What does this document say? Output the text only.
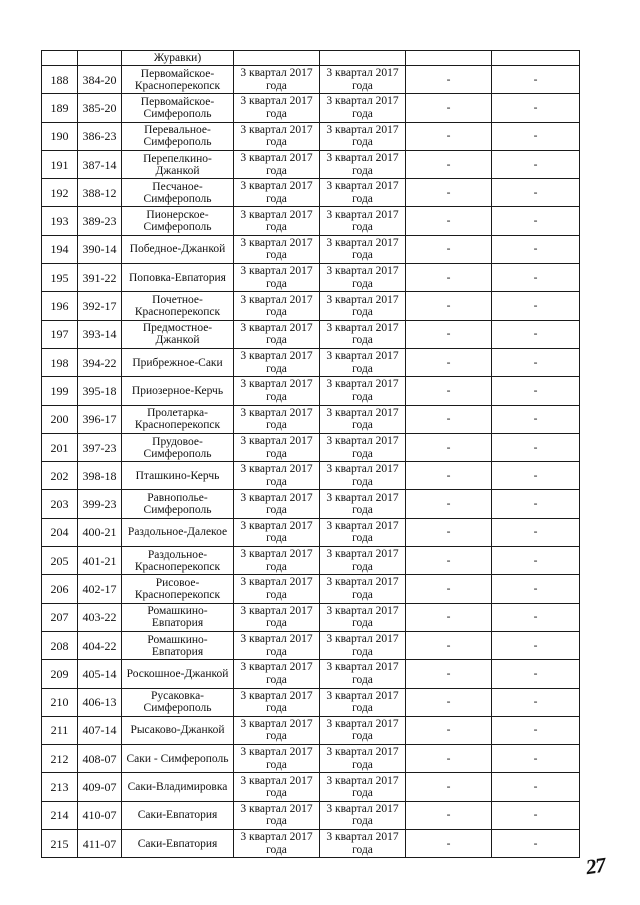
		Журавки)				
188	384-20	Первомайское-Красноперекопск	3 квартал 2017 года	3 квартал 2017 года	-	-
189	385-20	Первомайское-Симферополь	3 квартал 2017 года	3 квартал 2017 года	-	-
190	386-23	Перевальное-Симферополь	3 квартал 2017 года	3 квартал 2017 года	-	-
191	387-14	Перепелкино-Джанкой	3 квартал 2017 года	3 квартал 2017 года	-	-
192	388-12	Песчаное-Симферополь	3 квартал 2017 года	3 квартал 2017 года	-	-
193	389-23	Пионерское-Симферополь	3 квартал 2017 года	3 квартал 2017 года	-	-
194	390-14	Победное-Джанкой	3 квартал 2017 года	3 квартал 2017 года	-	-
195	391-22	Поповка-Евпатория	3 квартал 2017 года	3 квартал 2017 года	-	-
196	392-17	Почетное-Красноперекопск	3 квартал 2017 года	3 квартал 2017 года	-	-
197	393-14	Предмостное-Джанкой	3 квартал 2017 года	3 квартал 2017 года	-	-
198	394-22	Прибрежное-Саки	3 квартал 2017 года	3 квартал 2017 года	-	-
199	395-18	Приозерное-Керчь	3 квартал 2017 года	3 квартал 2017 года	-	-
200	396-17	Пролетарка-Красноперекопск	3 квартал 2017 года	3 квартал 2017 года	-	-
201	397-23	Прудовое-Симферополь	3 квартал 2017 года	3 квартал 2017 года	-	-
202	398-18	Пташкино-Керчь	3 квартал 2017 года	3 квартал 2017 года	-	-
203	399-23	Равнополье-Симферополь	3 квартал 2017 года	3 квартал 2017 года	-	-
204	400-21	Раздольное-Далекое	3 квартал 2017 года	3 квартал 2017 года	-	-
205	401-21	Раздольное-Красноперекопск	3 квартал 2017 года	3 квартал 2017 года	-	-
206	402-17	Рисовое-Красноперекопск	3 квартал 2017 года	3 квартал 2017 года	-	-
207	403-22	Ромашкино-Евпатория	3 квартал 2017 года	3 квартал 2017 года	-	-
208	404-22	Ромашкино-Евпатория	3 квартал 2017 года	3 квартал 2017 года	-	-
209	405-14	Роскошное-Джанкой	3 квартал 2017 года	3 квартал 2017 года	-	-
210	406-13	Русаковка-Симферополь	3 квартал 2017 года	3 квартал 2017 года	-	-
211	407-14	Рысаково-Джанкой	3 квартал 2017 года	3 квартал 2017 года	-	-
212	408-07	Саки - Симферополь	3 квартал 2017 года	3 квартал 2017 года	-	-
213	409-07	Саки-Владимировка	3 квартал 2017 года	3 квартал 2017 года	-	-
214	410-07	Саки-Евпатория	3 квартал 2017 года	3 квартал 2017 года	-	-
215	411-07	Саки-Евпатория	3 квартал 2017 года	3 квартал 2017 года	-	-
27
